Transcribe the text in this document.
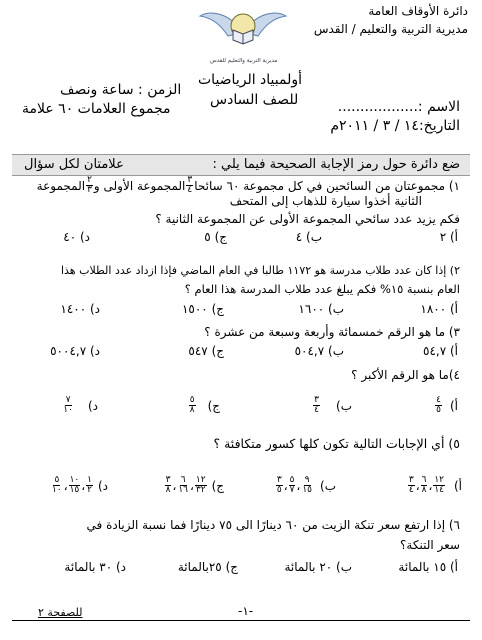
دائرة الأوقاف العامة
مديرية التربية والتعليم / القدس
مديرية التربية والتعليم للقدس
أولمبياد الرياضيات
للصف السادس
الزمن : ساعة ونصف
مجموع العلامات ٦٠ علامة	الاسم :..................
التاريخ:١٤ / ٣ / ٢٠١١م
ضع دائرة حول رمز الإجابة الصحيحة فيما يلي :
علامتان لكل سؤال
١) مجموعتان من السائحين في كل مجموعة ٦٠ سائحا
$\frac{٣}{٤}$
المجموعة الأولى و
$\frac{٢}{٣}$
المجموعة
الثانية أخذوا سيارة للذهاب إلى المتحف
فكم يزيد عدد سائحي المجموعة الأولى عن المجموعة الثانية ؟
أ) ٢
ب) ٤
ج) ٥
د) ٤٠
٢) إذا كان عدد طلاب مدرسة هو ١١٧٢ طالبا في العام الماضي فإذا ازداد عدد الطلاب هذا
العام بنسبة ١٥% فكم يبلغ عدد طلاب المدرسة هذا العام ؟
أ) ١٨٠٠
ب) ١٦٠٠
ج) ١٥٠٠
د) ١٤٠٠
٣) ما هو الرقم خمسمائة وأربعة وسبعة من عشرة ؟
أ) ٥٤,٧
ب) ٥٠٤,٧
ج) ٥٤٧
د) ٥٠٠٤,٧
٤)ما هو الرقم الأكبر ؟
أ)
$\frac{٤}{٥}$
ب)
$\frac{٣}{٤}$
ج)
$\frac{٥}{٨}$
د)
$\frac{٧}{١٠}$
٥) أي الإجابات التالية تكون كلها كسور متكافئة ؟
أ)
$\frac{١٢}{١٤}$
،
$\frac{٦}{٨}$
،
$\frac{٣}{٤}$
ب)
$\frac{٩}{١٥}$
،
$\frac{٥}{٧}$
،
$\frac{٣}{٥}$
ج)
$\frac{١٢}{٣٢}$
،
$\frac{٦}{١٦}$
،
$\frac{٣}{٨}$
د)
$\frac{١}{٢}$
،
$\frac{١٠}{١٥}$
،
$\frac{٥}{١٠}$
٦) إذا ارتفع سعر تنكة الزيت من ٦٠ دينارًا الى ٧٥ دينارًا فما نسبة الزيادة في
سعر التنكة؟
أ) ١٥ بالمائة
ب) ٢٠ بالمائة
ج) ٢٥بالمائة
د) ٣٠ بالمائة
-١-
للصفحة ٢
